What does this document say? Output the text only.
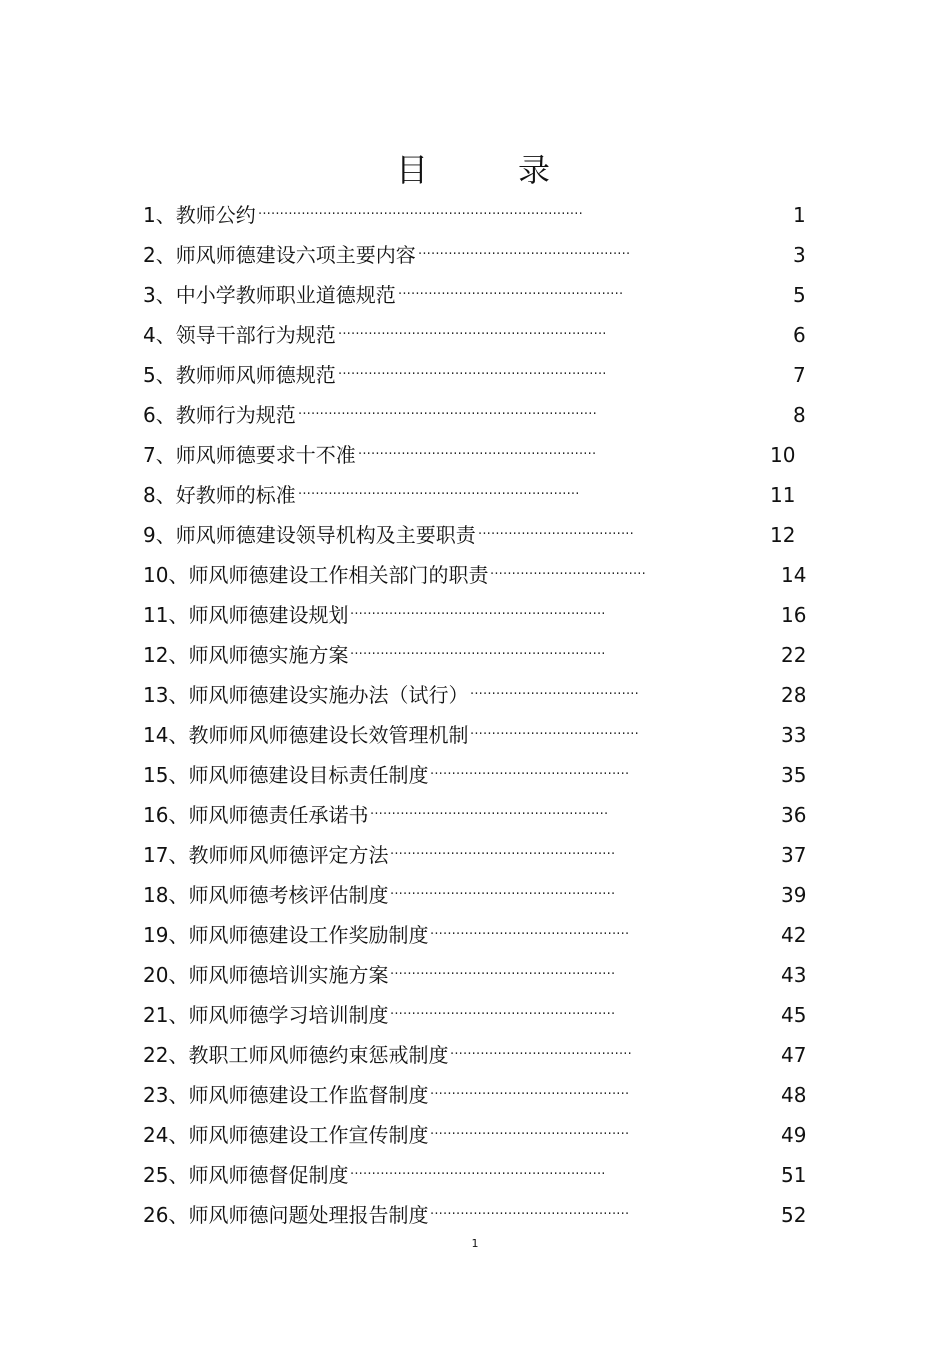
目	录
1、教师公约 ···········································································	1
2、师风师德建设六项主要内容 ·················································	3
3、中小学教师职业道德规范 ····················································	5
4、领导干部行为规范 ······························································	6
5、教师师风师德规范 ······························································	7
6、教师行为规范 ·····································································	8
7、师风师德要求十不准 ·······················································	10
8、好教师的标准 ·································································	11
9、师风师德建设领导机构及主要职责 ····································	12
10、师风师德建设工作相关部门的职责 ····································	14
11、师风师德建设规划 ···························································	16
12、师风师德实施方案 ···························································	22
13、师风师德建设实施办法（试行） ·······································	28
14、教师师风师德建设长效管理机制 ·······································	33
15、师风师德建设目标责任制度 ··············································	35
16、师风师德责任承诺书 ·······················································	36
17、教师师风师德评定方法 ····················································	37
18、师风师德考核评估制度 ····················································	39
19、师风师德建设工作奖励制度 ··············································	42
20、师风师德培训实施方案 ····················································	43
21、师风师德学习培训制度 ····················································	45
22、教职工师风师德约束惩戒制度 ··········································	47
23、师风师德建设工作监督制度 ··············································	48
24、师风师德建设工作宣传制度 ··············································	49
25、师风师德督促制度 ···························································	51
26、师风师德问题处理报告制度 ··············································	52
1
